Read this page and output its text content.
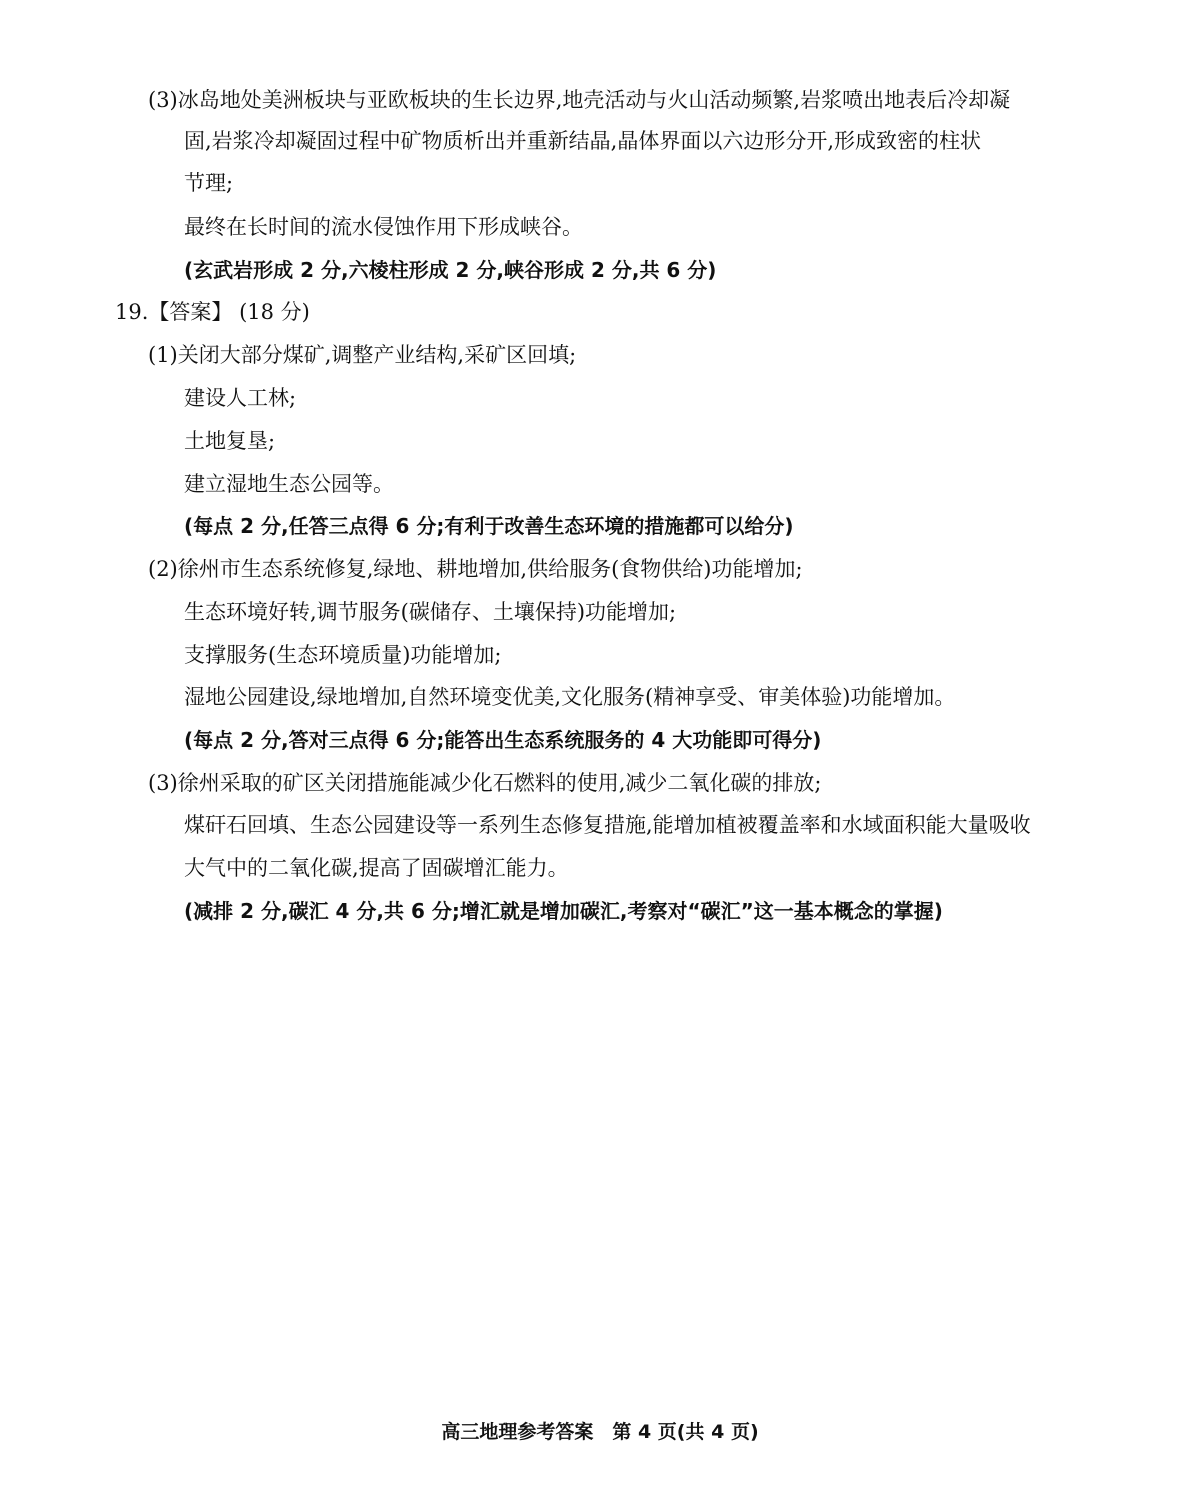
(3)冰岛地处美洲板块与亚欧板块的生长边界,地壳活动与火山活动频繁,岩浆喷出地表后冷却凝
固,岩浆冷却凝固过程中矿物质析出并重新结晶,晶体界面以六边形分开,形成致密的柱状
节理;
最终在长时间的流水侵蚀作用下形成峡谷。
(玄武岩形成 2 分,六棱柱形成 2 分,峡谷形成 2 分,共 6 分)
19.【答案】 (18 分)
(1)关闭大部分煤矿,调整产业结构,采矿区回填;
建设人工林;
土地复垦;
建立湿地生态公园等。
(每点 2 分,任答三点得 6 分;有利于改善生态环境的措施都可以给分)
(2)徐州市生态系统修复,绿地、耕地增加,供给服务(食物供给)功能增加;
生态环境好转,调节服务(碳储存、土壤保持)功能增加;
支撑服务(生态环境质量)功能增加;
湿地公园建设,绿地增加,自然环境变优美,文化服务(精神享受、审美体验)功能增加。
(每点 2 分,答对三点得 6 分;能答出生态系统服务的 4 大功能即可得分)
(3)徐州采取的矿区关闭措施能减少化石燃料的使用,减少二氧化碳的排放;
煤矸石回填、生态公园建设等一系列生态修复措施,能增加植被覆盖率和水域面积能大量吸收
大气中的二氧化碳,提高了固碳增汇能力。
(减排 2 分,碳汇 4 分,共 6 分;增汇就是增加碳汇,考察对“碳汇”这一基本概念的掌握)
高三地理参考答案　第 4 页(共 4 页)
